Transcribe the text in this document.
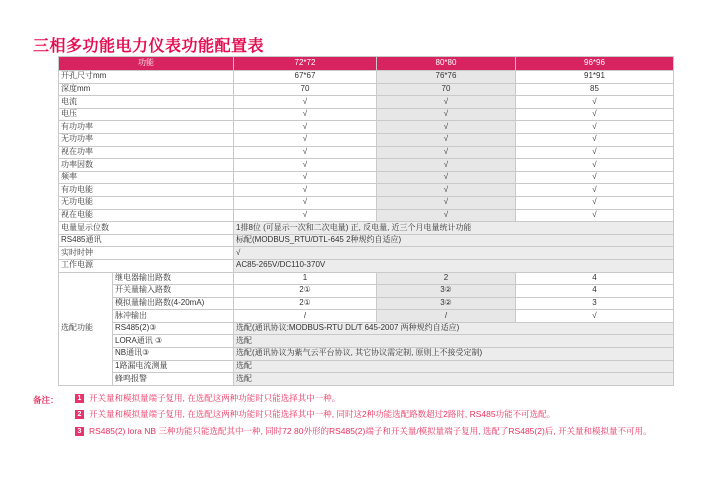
三相多功能电力仪表功能配置表
功能		72*72	80*80	96*96
开孔尺寸mm		67*67	76*76	91*91
深度mm		70	70	85
电流		√	√	√
电压		√	√	√
有功功率		√	√	√
无功功率		√	√	√
视在功率		√	√	√
功率因数		√	√	√
频率		√	√	√
有功电能		√	√	√
无功电能		√	√	√
视在电能		√	√	√
电量显示位数		1排8位 (可显示一次和二次电量) 正, 反电量, 近三个月电量统计功能		
RS485通讯		标配(MODBUS_RTU/DTL-645 2种规约自适应)		
实时时钟		√		
工作电源		AC85-265V/DC110-370V		
选配功能	继电器输出路数	1	2	4
	开关量输入路数	2①	3②	4
	模拟量输出路数(4-20mA)	2①	3②	3
	脉冲输出	/	/	√
	RS485(2)③	选配(通讯协议:MODBUS-RTU DL/T 645-2007 两种规约自适应)		
	LORA通讯 ③	选配		
	NB通讯③	选配(通讯协议为紫气云平台协议, 其它协议需定制, 原则上不接受定制)		
	1路漏电流测量	选配		
	蜂鸣报警	选配		
备注：	1 开关量和模拟量端子复用, 在选配这两种功能时只能选择其中一种。
2 开关量和模拟量端子复用, 在选配这两种功能时只能选择其中一种, 同时这2种功能选配路数超过2路时, RS485功能不可选配。
3 RS485(2) lora NB 三种功能只能选配其中一种, 同时72 80外形的RS485(2)端子和开关量/模拟量端子复用, 选配了RS485(2)后, 开关量和模拟量不可用。
